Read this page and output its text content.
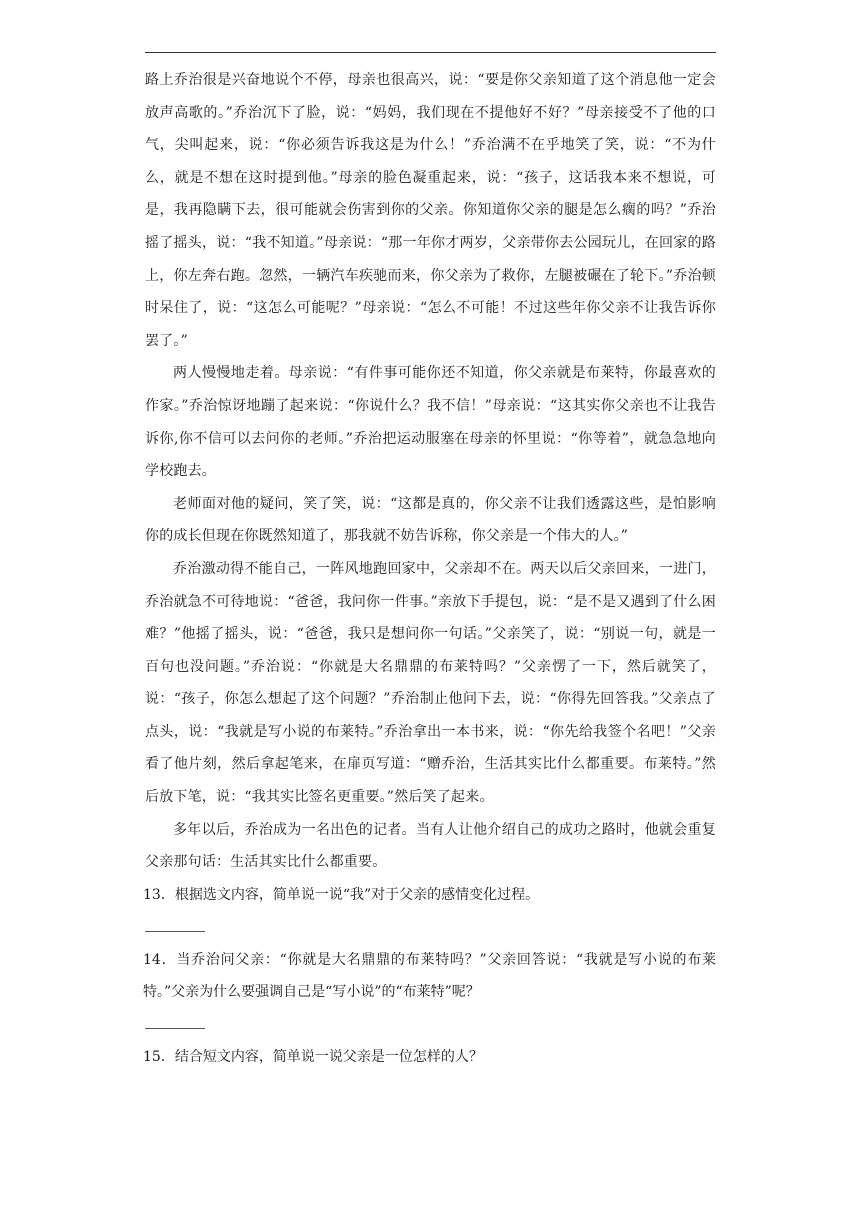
路上乔治很是兴奋地说个不停，母亲也很高兴，说：“要是你父亲知道了这个消息他一定会放声高歌的。”乔治沉下了脸，说：“妈妈，我们现在不提他好不好？”母亲接受不了他的口气，尖叫起来，说：“你必须告诉我这是为什么！”乔治满不在乎地笑了笑，说：“不为什么，就是不想在这时提到他。”母亲的脸色凝重起来，说：“孩子，这话我本来不想说，可是，我再隐瞒下去，很可能就会伤害到你的父亲。你知道你父亲的腿是怎么瘸的吗？”乔治摇了摇头，说：“我不知道。”母亲说：“那一年你才两岁，父亲带你去公园玩儿，在回家的路上，你左奔右跑。忽然，一辆汽车疾驰而来，你父亲为了救你，左腿被碾在了轮下。”乔治顿时呆住了，说：“这怎么可能呢？”母亲说：“怎么不可能！不过这些年你父亲不让我告诉你罢了。”

两人慢慢地走着。母亲说：“有件事可能你还不知道，你父亲就是布莱特，你最喜欢的作家。”乔治惊讶地蹦了起来说：“你说什么？我不信！”母亲说：“这其实你父亲也不让我告诉你,你不信可以去问你的老师。”乔治把运动服塞在母亲的怀里说：“你等着”，就急急地向学校跑去。

老师面对他的疑问，笑了笑，说：“这都是真的，你父亲不让我们透露这些，是怕影响你的成长但现在你既然知道了，那我就不妨告诉称，你父亲是一个伟大的人。”

乔治激动得不能自己，一阵风地跑回家中，父亲却不在。两天以后父亲回来，一进门，乔治就急不可待地说：“爸爸，我问你一件事。”亲放下手提包，说：“是不是又遇到了什么困难？”他摇了摇头，说：“爸爸，我只是想问你一句话。”父亲笑了，说：“别说一句，就是一百句也没问题。”乔治说：“你就是大名鼎鼎的布莱特吗？”父亲愣了一下，然后就笑了，说：“孩子，你怎么想起了这个问题？”乔治制止他问下去，说：“你得先回答我。”父亲点了点头，说：“我就是写小说的布莱特。”乔治拿出一本书来，说：“你先给我签个名吧！”父亲看了他片刻，然后拿起笔来，在扉页写道：“赠乔治，生活其实比什么都重要。布莱特。”然后放下笔，说：“我其实比签名更重要。”然后笑了起来。

多年以后，乔治成为一名出色的记者。当有人让他介绍自己的成功之路时，他就会重复父亲那句话：生活其实比什么都重要。

13．根据选文内容，简单说一说“我”对于父亲的感情变化过程。

14．当乔治问父亲：“你就是大名鼎鼎的布莱特吗？”父亲回答说：“我就是写小说的布莱特。”父亲为什么要强调自己是“写小说”的“布莱特”呢？

15．结合短文内容，简单说一说父亲是一位怎样的人？
